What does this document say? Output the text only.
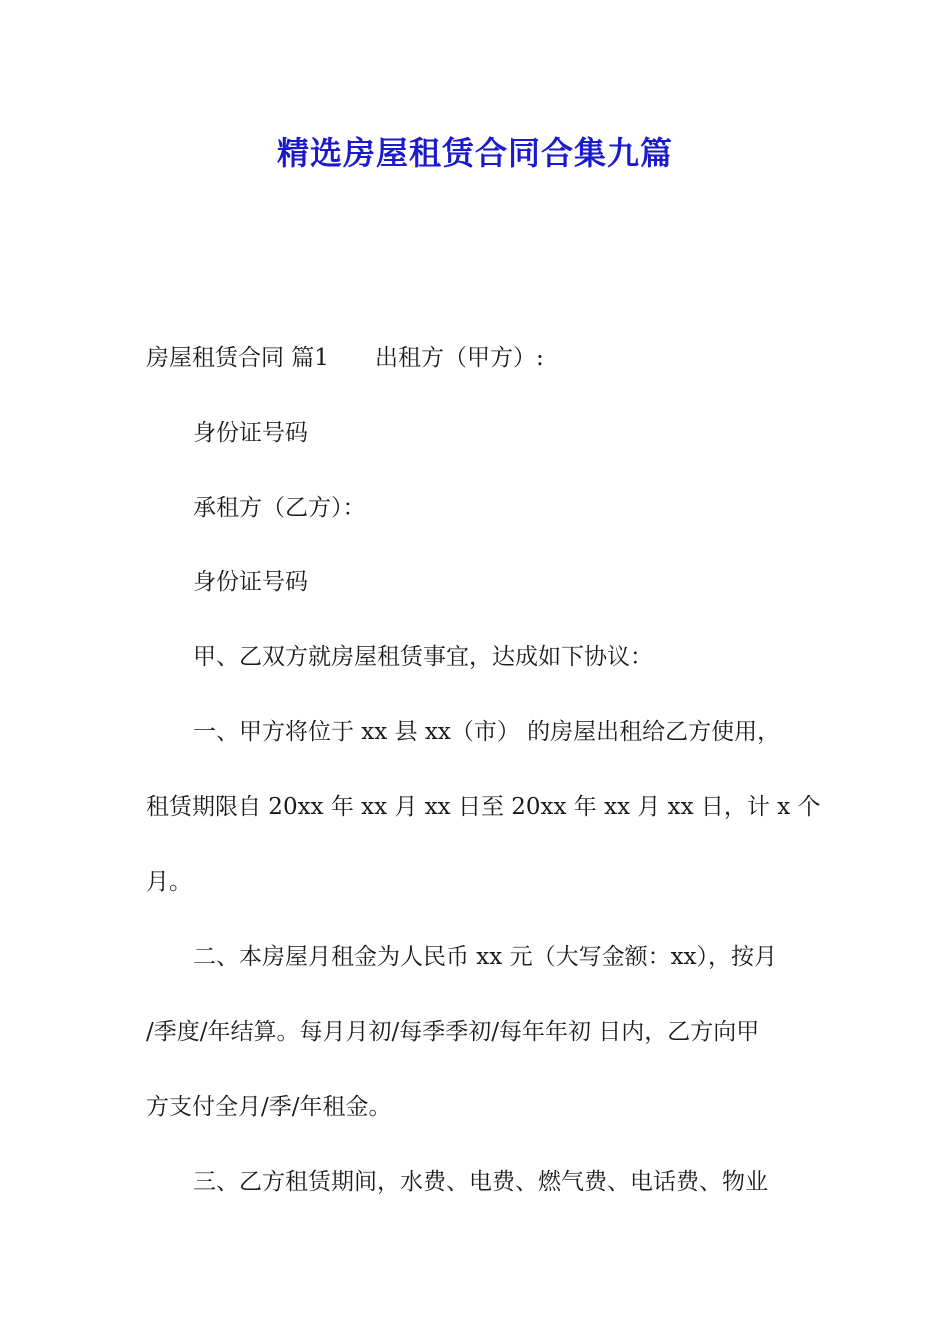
精选房屋租赁合同合集九篇

房屋租赁合同 篇1 出租方（甲方）:

身份证号码

承租方（乙方）：

身份证号码

甲、乙双方就房屋租赁事宜，达成如下协议：

一、甲方将位于 xx 县 xx（市） 的房屋出租给乙方使用，

租赁期限自 20xx 年 xx 月 xx 日至 20xx 年 xx 月 xx 日，计 x 个

月。

二、本房屋月租金为人民币 xx 元（大写金额：xx），按月

/季度/年结算。每月月初/每季季初/每年年初 日内，乙方向甲

方支付全月/季/年租金。

三、乙方租赁期间，水费、电费、燃气费、电话费、物业
